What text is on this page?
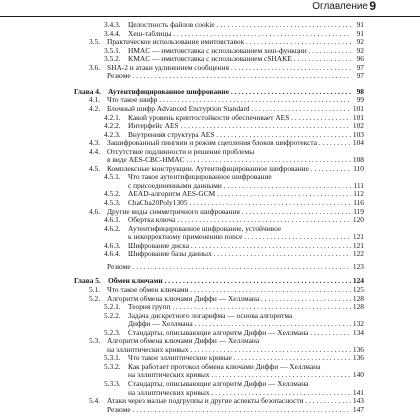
Оглавление 9
3.4.3. Целостность файлов cookie . . .	91
3.4.4. Хеш-таблицы . . .	91
3.5. Практическое использование имитовставок . . .	92
3.5.1. HMAC — имитовставка с использованием хеш-функции . . .	92
3.5.2. KMAC — имитовставка с использованием cSHAKE . . .	96
3.6. SHA-2 и атаки удлинением сообщения . . .	97
Резюме . . .	97
Глава 4. Аутентифицированное шифрование . . .	98
4.1. Что такое шифр . . .	99
4.2. Блочный шифр Advanced Encryption Standard . . .	101
4.2.1. Какой уровень криптостойкости обеспечивает AES . . .	101
4.2.2. Интерфейс AES . . .	102
4.2.3. Внутренняя структура AES . . .	103
4.3. Зашифрованный пингвин и режим сцепления блоков шифротекста . . .	104
4.4. Отсутствие подлинности и решение проблемы
в виде AES-CBC-HMAC . . .	108
4.5. Комплексные конструкции. Аутентифицированное шифрование . . .	110
4.5.1. Что такое аутентифицированное шифрование
с присоединенными данными . . .	111
4.5.2. AEAD-алгоритм AES-GCM . . .	112
4.5.3. ChaCha20Poly1305 . . .	116
4.6. Другие виды симметричного шифрования . . .	119
4.6.1. Обертка ключа . . .	120
4.6.2. Аутентифицированное шифрование, устойчивое
к некорректному применению nonce . . .	121
4.6.3. Шифрование диска . . .	121
4.6.4. Шифрование базы данных . . .	122
Резюме . . .	123
Глава 5. Обмен ключами . . .	124
5.1. Что такое обмен ключами . . .	125
5.2. Алгоритм обмена ключами Диффи — Хеллмана . . .	128
5.2.1. Теория групп . . .	128
5.2.2. Задача дискретного логарифма — основа алгоритма
Диффи — Хеллмана . . .	132
5.2.3. Стандарты, описывающие алгоритм Диффи — Хеллмана . . .	134
5.3. Алгоритм обмена ключами Диффи — Хеллмана
на эллиптических кривых . . .	136
5.3.1. Что такое эллиптические кривые . . .	136
5.3.2. Как работает протокол обмена ключами Диффи — Хеллмана
на эллиптических кривых . . .	140
5.3.3. Стандарты, описывающие алгоритм Диффи — Хеллмана
на эллиптических кривых . . .	141
5.4. Атаки через малые подгруппы и другие аспекты безопасности . . .	143
Резюме . . .	147
